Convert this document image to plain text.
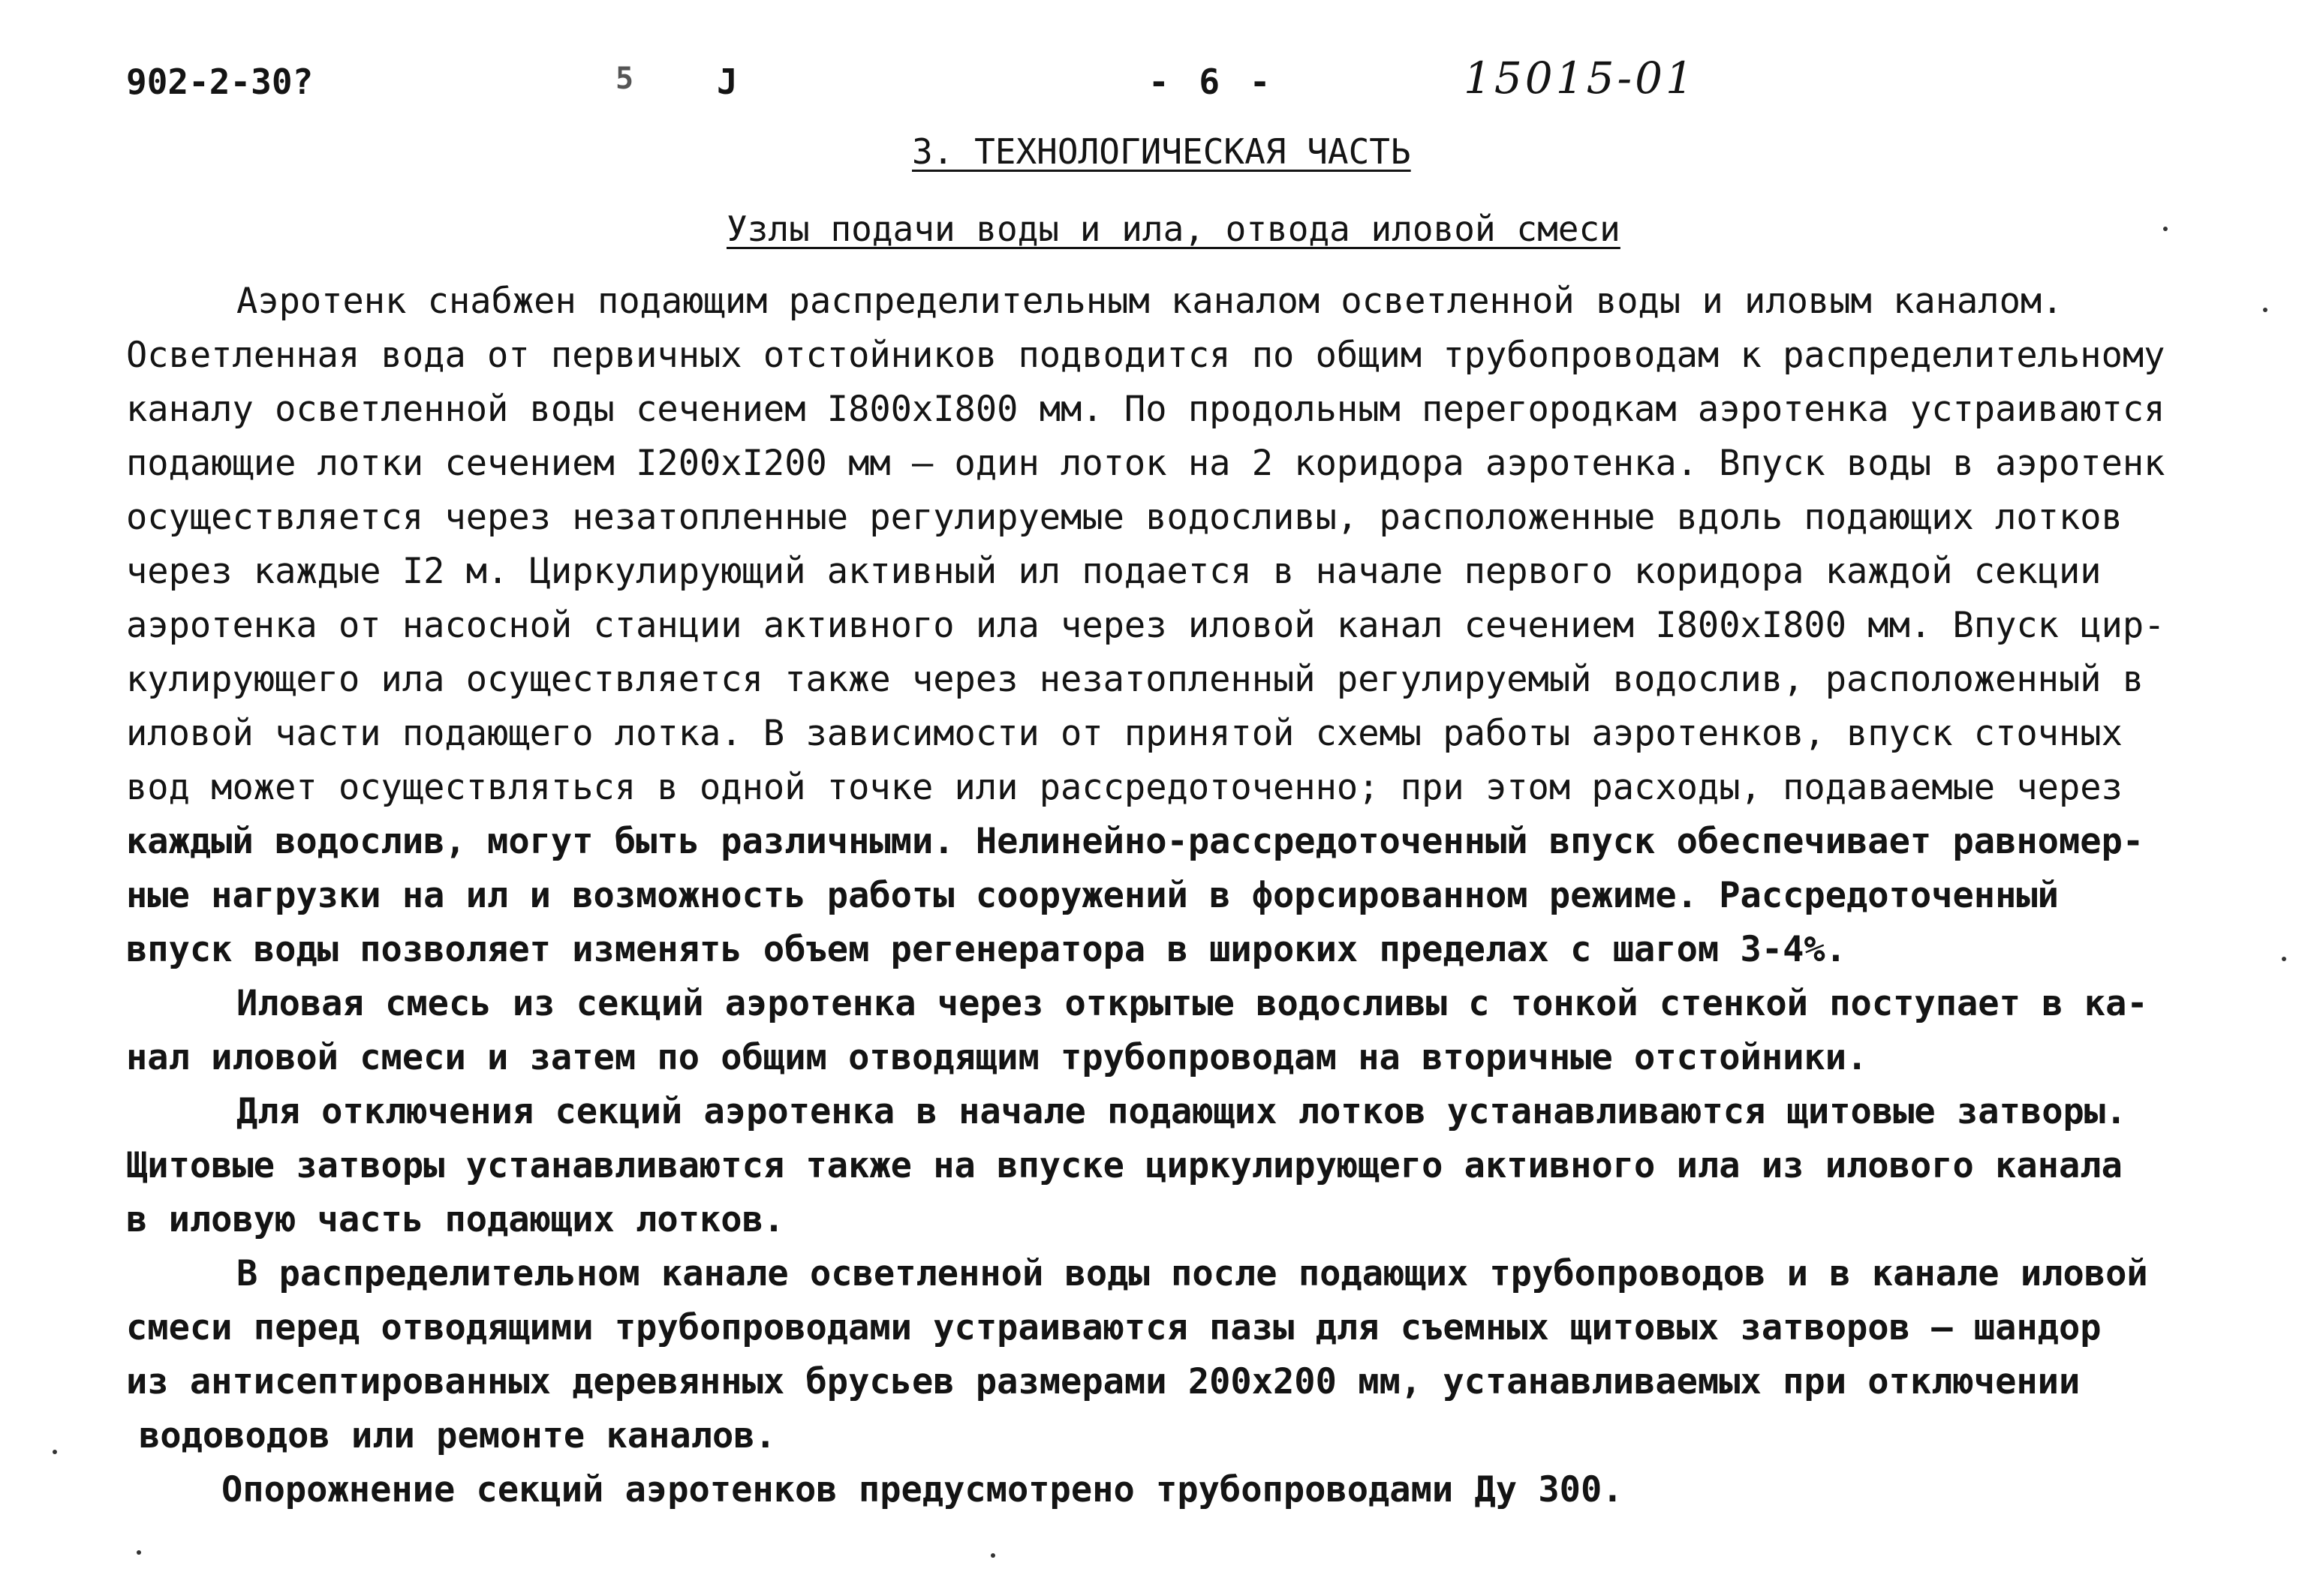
902-2-30?	5 J	- 6 -	15015-01
3. ТЕХНОЛОГИЧЕСКАЯ ЧАСТЬ
Узлы подачи воды и ила, отвода иловой смеси
Аэротенк снабжен подающим распределительным каналом осветленной воды и иловым каналом.
Осветленная вода от первичных отстойников подводится по общим трубопроводам к распределительному
каналу осветленной воды сечением I800xI800 мм. По продольным перегородкам аэротенка устраиваются
подающие лотки сечением I200xI200 мм – один лоток на 2 коридора аэротенка. Впуск воды в аэротенк
осуществляется через незатопленные регулируемые водосливы, расположенные вдоль подающих лотков
через каждые I2 м. Циркулирующий активный ил подается в начале первого коридора каждой секции
аэротенка от насосной станции активного ила через иловой канал сечением I800xI800 мм. Впуск цир-
кулирующего ила осуществляется также через незатопленный регулируемый водослив, расположенный в
иловой части подающего лотка. В зависимости от принятой схемы работы аэротенков, впуск сточных
вод может осуществляться в одной точке или рассредоточенно; при этом расходы, подаваемые через
каждый водослив, могут быть различными. Нелинейно-рассредоточенный впуск обеспечивает равномер-
ные нагрузки на ил и возможность работы сооружений в форсированном режиме. Рассредоточенный
впуск воды позволяет изменять объем регенератора в широких пределах с шагом 3-4%.
Иловая смесь из секций аэротенка через открытые водосливы с тонкой стенкой поступает в ка-
нал иловой смеси и затем по общим отводящим трубопроводам на вторичные отстойники.
Для отключения секций аэротенка в начале подающих лотков устанавливаются щитовые затворы.
Щитовые затворы устанавливаются также на впуске циркулирующего активного ила из илового канала
в иловую часть подающих лотков.
В распределительном канале осветленной воды после подающих трубопроводов и в канале иловой
смеси перед отводящими трубопроводами устраиваются пазы для съемных щитовых затворов – шандор
из антисептированных деревянных брусьев размерами 200x200 мм, устанавливаемых при отключении
водоводов или ремонте каналов.
Опорожнение секций аэротенков предусмотрено трубопроводами Ду 300.
